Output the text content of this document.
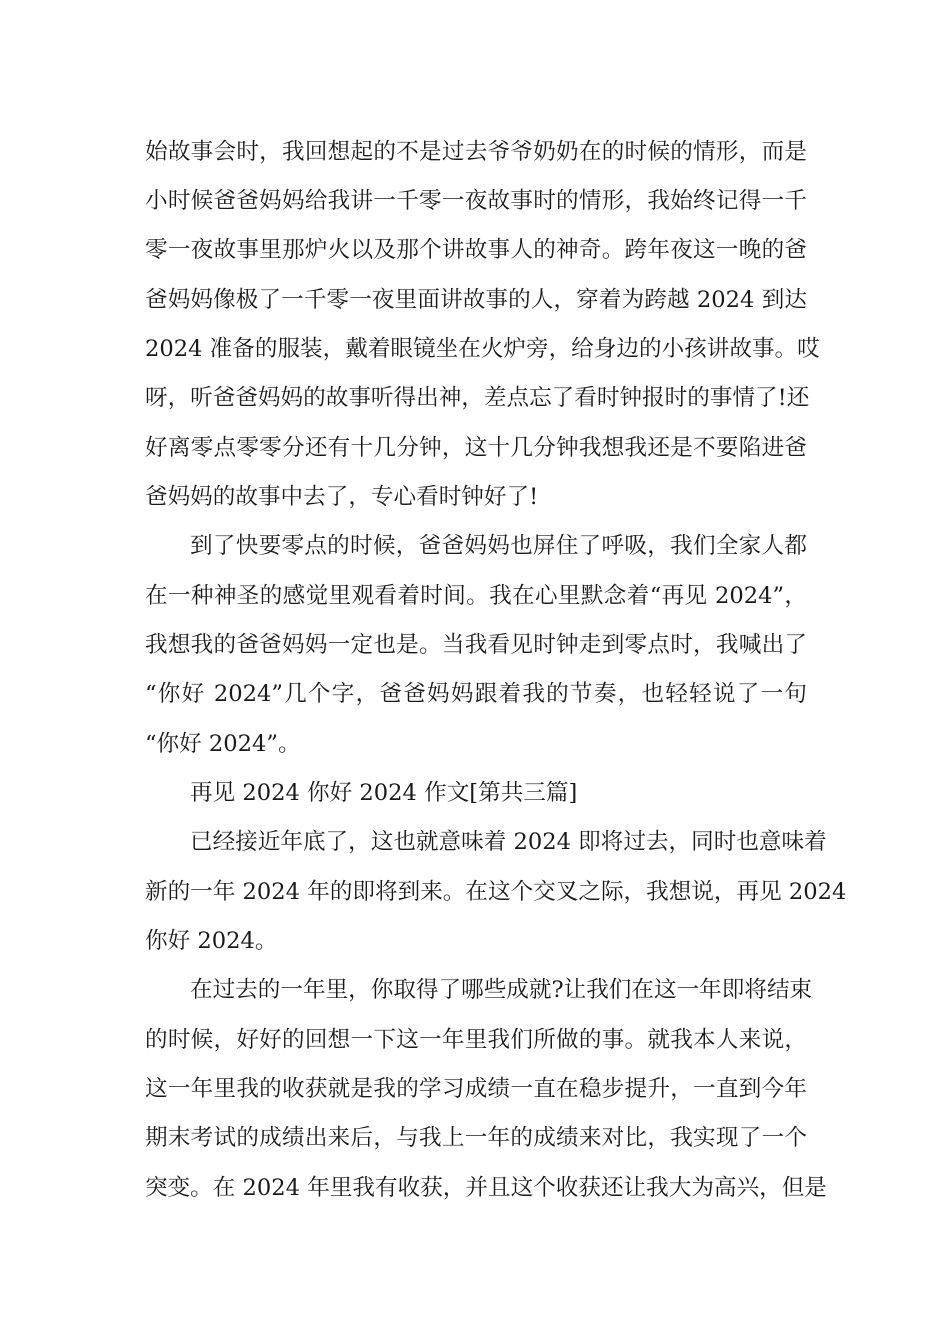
始故事会时，我回想起的不是过去爷爷奶奶在的时候的情形，而是
小时候爸爸妈妈给我讲一千零一夜故事时的情形，我始终记得一千
零一夜故事里那炉火以及那个讲故事人的神奇。跨年夜这一晚的爸
爸妈妈像极了一千零一夜里面讲故事的人，穿着为跨越 2024 到达
2024 准备的服装，戴着眼镜坐在火炉旁，给身边的小孩讲故事。哎
呀，听爸爸妈妈的故事听得出神，差点忘了看时钟报时的事情了!还
好离零点零零分还有十几分钟，这十几分钟我想我还是不要陷进爸
爸妈妈的故事中去了，专心看时钟好了!
到了快要零点的时候，爸爸妈妈也屏住了呼吸，我们全家人都
在一种神圣的感觉里观看着时间。我在心里默念着“再见 2024”，
我想我的爸爸妈妈一定也是。当我看见时钟走到零点时，我喊出了
“你好 2024”几个字，爸爸妈妈跟着我的节奏，也轻轻说了一句
“你好 2024”。
再见 2024 你好 2024 作文[第共三篇]
已经接近年底了，这也就意味着 2024 即将过去，同时也意味着
新的一年 2024 年的即将到来。在这个交叉之际，我想说，再见 2024
你好 2024。
在过去的一年里，你取得了哪些成就?让我们在这一年即将结束
的时候，好好的回想一下这一年里我们所做的事。就我本人来说，
这一年里我的收获就是我的学习成绩一直在稳步提升，一直到今年
期末考试的成绩出来后，与我上一年的成绩来对比，我实现了一个
突变。在 2024 年里我有收获，并且这个收获还让我大为高兴，但是
